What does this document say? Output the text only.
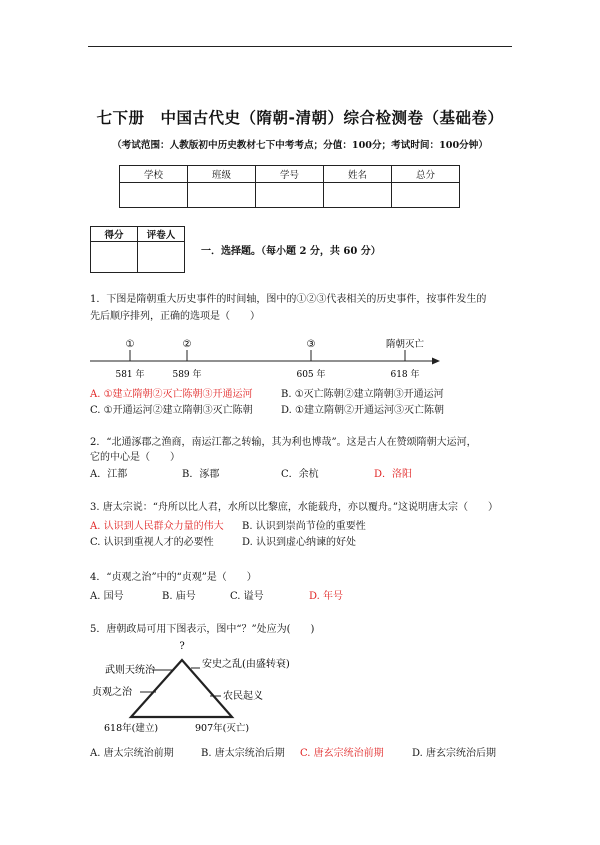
七下册　中国古代史（隋朝-清朝）综合检测卷（基础卷）
（考试范围：人教版初中历史教材七下中考考点；分值：100分；考试时间：100分钟）
学校	班级	学号	姓名	总分

得分	评卷人

一．选择题。（每小题 2 分，共 60 分）
1．下图是隋朝重大历史事件的时间轴，图中的①②③代表相关的历史事件，按事件发生的
先后顺序排列，正确的选项是（　　）
①	②	③	隋朝灭亡
581 年	589 年	605 年	618 年
A. ①建立隋朝②灭亡陈朝③开通运河	B. ①灭亡陈朝②建立隋朝③开通运河
C. ①开通运河②建立隋朝③灭亡陈朝	D. ①建立隋朝②开通运河③灭亡陈朝
2．“北通涿郡之渔商，南运江都之转输，其为利也博哉”。这是古人在赞颂隋朝大运河，
它的中心是（　　）
A．江都	B．涿郡	C．余杭	D．洛阳
3. 唐太宗说：“舟所以比人君，水所以比黎庶，水能载舟，亦以覆舟。”这说明唐太宗（　　）
A. 认识到人民群众力量的伟大 B. 认识到崇尚节俭的重要性
C. 认识到重视人才的必要性	D. 认识到虚心纳谏的好处
4．“贞观之治”中的“贞观”是（　　）
A. 国号	B. 庙号	C. 谥号	D. 年号
5．唐朝政局可用下图表示，图中“？”处应为(　　)
?
武则天统治
贞观之治
安史之乱(由盛转衰)
农民起义
618年(建立)	907年(灭亡)
A. 唐太宗统治前期	B. 唐太宗统治后期 C. 唐玄宗统治前期	D. 唐玄宗统治后期
